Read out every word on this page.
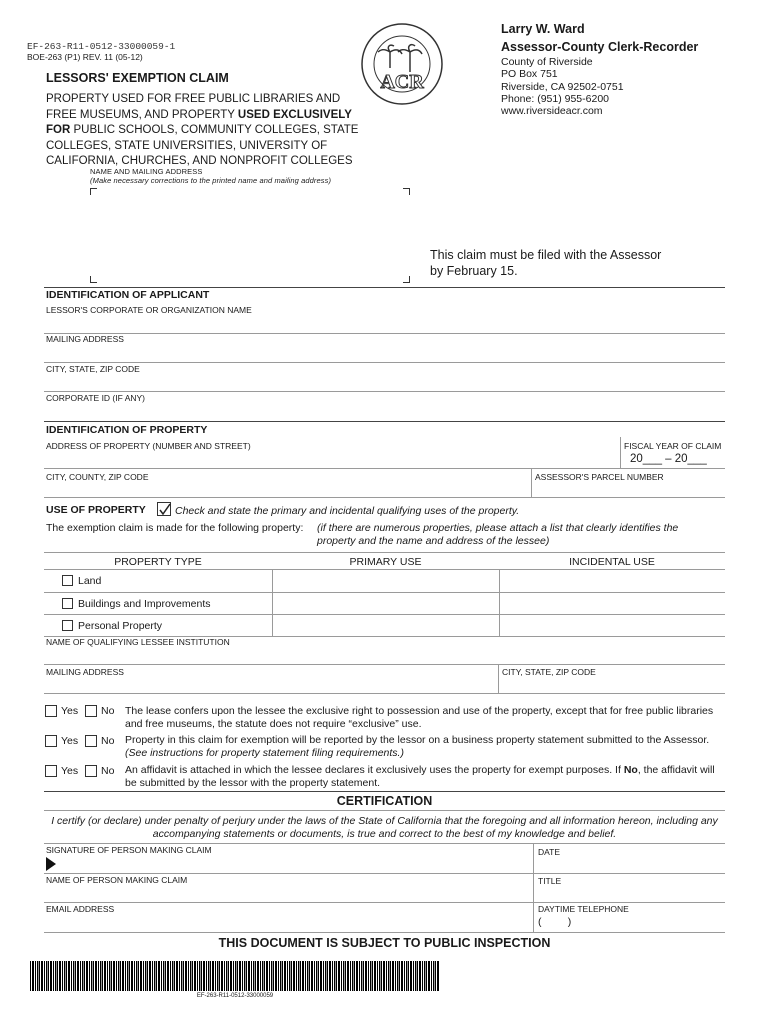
EF-263-R11-0512-33000059-1
BOE-263 (P1) REV. 11 (05-12)
LESSORS' EXEMPTION CLAIM
PROPERTY USED FOR FREE PUBLIC LIBRARIES AND
FREE MUSEUMS, AND PROPERTY USED EXCLUSIVELY
FOR PUBLIC SCHOOLS, COMMUNITY COLLEGES, STATE
COLLEGES, STATE UNIVERSITIES, UNIVERSITY OF
CALIFORNIA, CHURCHES, AND NONPROFIT COLLEGES
ACR
Larry W. Ward
Assessor-County Clerk-Recorder
County of Riverside
PO Box 751
Riverside, CA 92502-0751
Phone: (951) 955-6200
www.riversideacr.com
NAME AND MAILING ADDRESS
(Make necessary corrections to the printed name and mailing address)
This claim must be filed with the Assessor
by February 15.
IDENTIFICATION OF APPLICANT
LESSOR'S CORPORATE OR ORGANIZATION NAME
MAILING ADDRESS
CITY, STATE, ZIP CODE
CORPORATE ID (IF ANY)
IDENTIFICATION OF PROPERTY
ADDRESS OF PROPERTY (NUMBER AND STREET)	FISCAL YEAR OF CLAIM
20___ – 20___
CITY, COUNTY, ZIP CODE	ASSESSOR'S PARCEL NUMBER
USE OF PROPERTY	Check and state the primary and incidental qualifying uses of the property.
The exemption claim is made for the following property: (if there are numerous properties, please attach a list that clearly identifies the
property and the name and address of the lessee)
PROPERTY TYPE	PRIMARY USE	INCIDENTAL USE
Land
Buildings and Improvements
Personal Property
NAME OF QUALIFYING LESSEE INSTITUTION
MAILING ADDRESS	CITY, STATE, ZIP CODE
Yes No The lease confers upon the lessee the exclusive right to possession and use of the property, except that for free public libraries
and free museums, the statute does not require “exclusive” use.
Yes No Property in this claim for exemption will be reported by the lessor on a business property statement submitted to the Assessor.
(See instructions for property statement filing requirements.)
Yes No An affidavit is attached in which the lessee declares it exclusively uses the property for exempt purposes. If No, the affidavit will
be submitted by the lessor with the property statement.
CERTIFICATION
I certify (or declare) under penalty of perjury under the laws of the State of California that the foregoing and all information hereon, including any
accompanying statements or documents, is true and correct to the best of my knowledge and belief.
SIGNATURE OF PERSON MAKING CLAIM	DATE
NAME OF PERSON MAKING CLAIM	TITLE
EMAIL ADDRESS	DAYTIME TELEPHONE
(         )
THIS DOCUMENT IS SUBJECT TO PUBLIC INSPECTION
EF-263-R11-0512-33000059
